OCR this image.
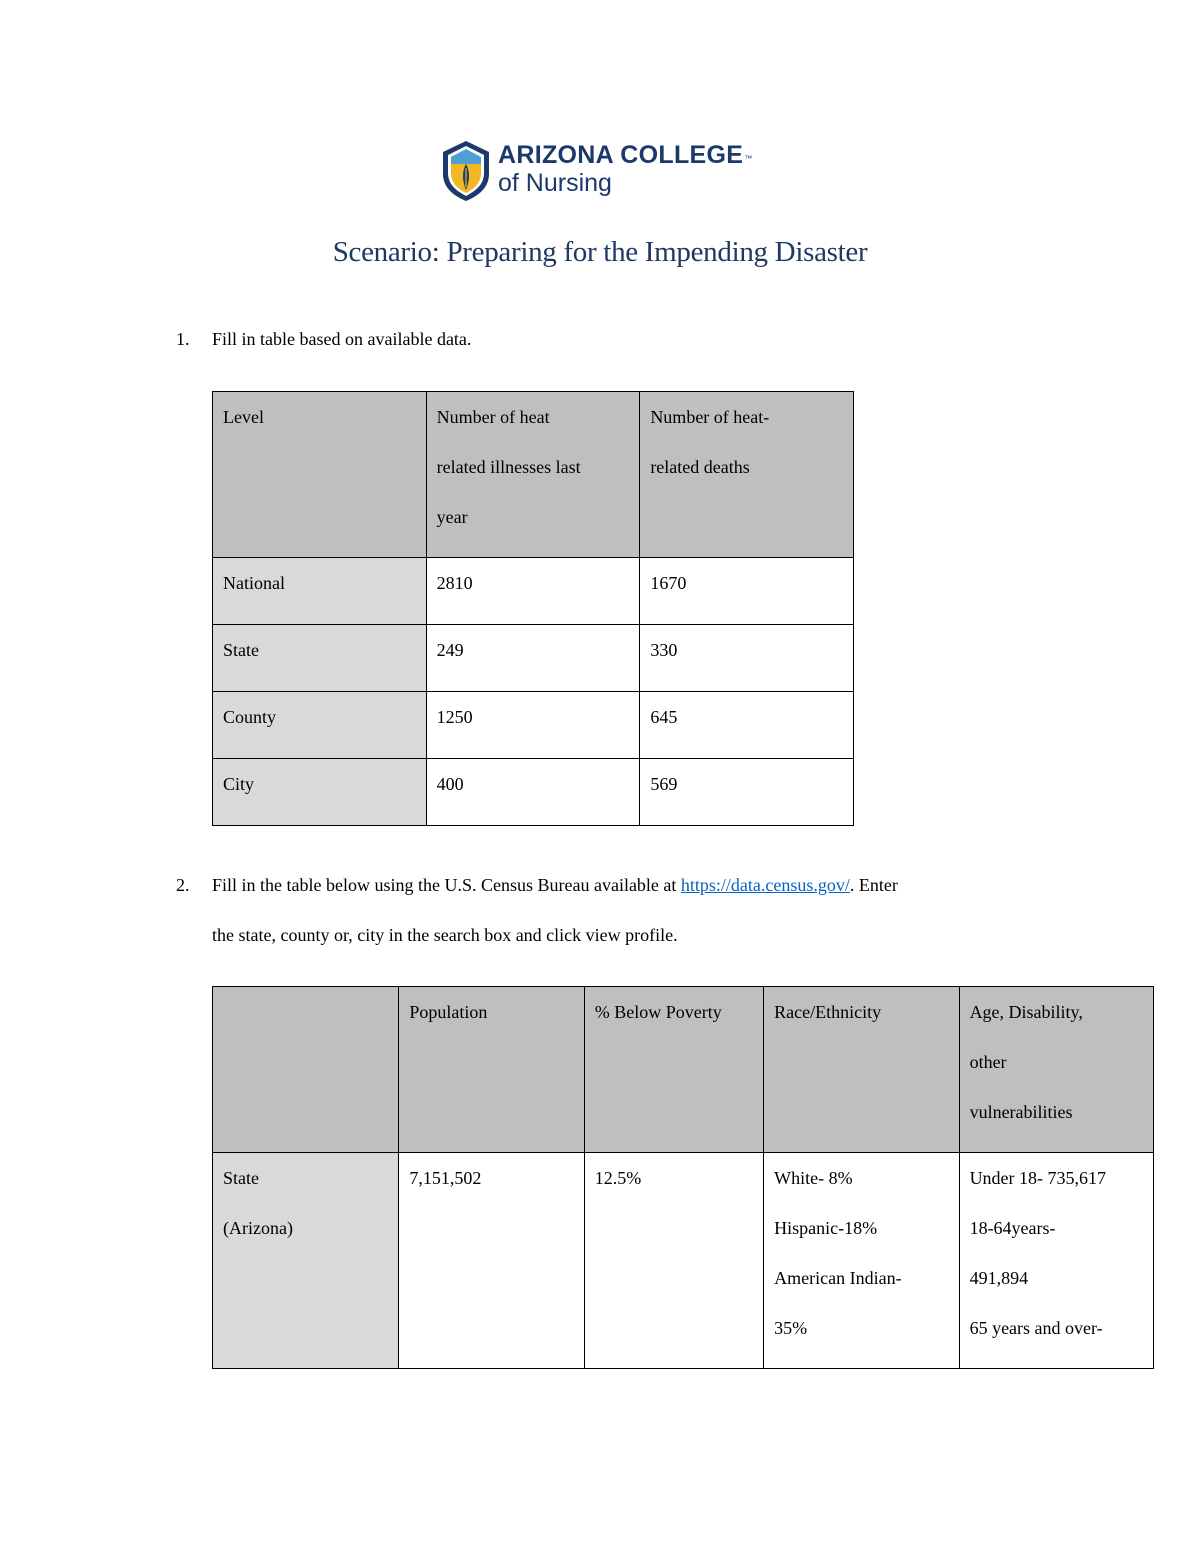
ARIZONA COLLEGE™
of Nursing
Scenario: Preparing for the Impending Disaster
1. Fill in table based on available data.
Level	Number of heat
related illnesses last
year	Number of heat-
related deaths

National	2810	1670
State	249	330
County	1250	645
City	400	569
2. Fill in the table below using the U.S. Census Bureau available at https://data.census.gov/. Enter
the state, county or, city in the search box and click view profile.

	Population	% Below Poverty	Race/Ethnicity	Age, Disability,
other
vulnerabilities

State
(Arizona)	7,151,502	12.5%	White- 8%
Hispanic-18%
American Indian-
35%	Under 18- 735,617
18-64years-
491,894
65 years and over-
